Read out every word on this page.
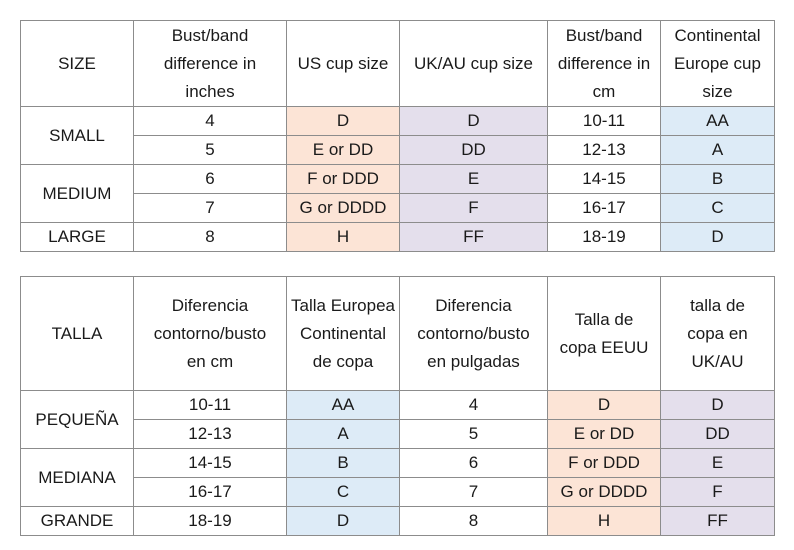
SIZE	Bust/band difference in inches	US cup size	UK/AU cup size	Bust/band difference in cm	Continental Europe cup size

SMALL	4	D	D	10-11	AA
	5	E or DD	DD	12-13	A
MEDIUM	6	F or DDD	E	14-15	B
	7	G or DDDD	F	16-17	C
LARGE	8	H	FF	18-19	D
TALLA	Diferencia contorno/busto en cm	Talla Europea Continental de copa	Diferencia contorno/busto en pulgadas	Talla de copa EEUU	talla de copa en UK/AU

PEQUEÑA	10-11	AA	4	D	D
	12-13	A	5	E or DD	DD
MEDIANA	14-15	B	6	F or DDD	E
	16-17	C	7	G or DDDD	F
GRANDE	18-19	D	8	H	FF
